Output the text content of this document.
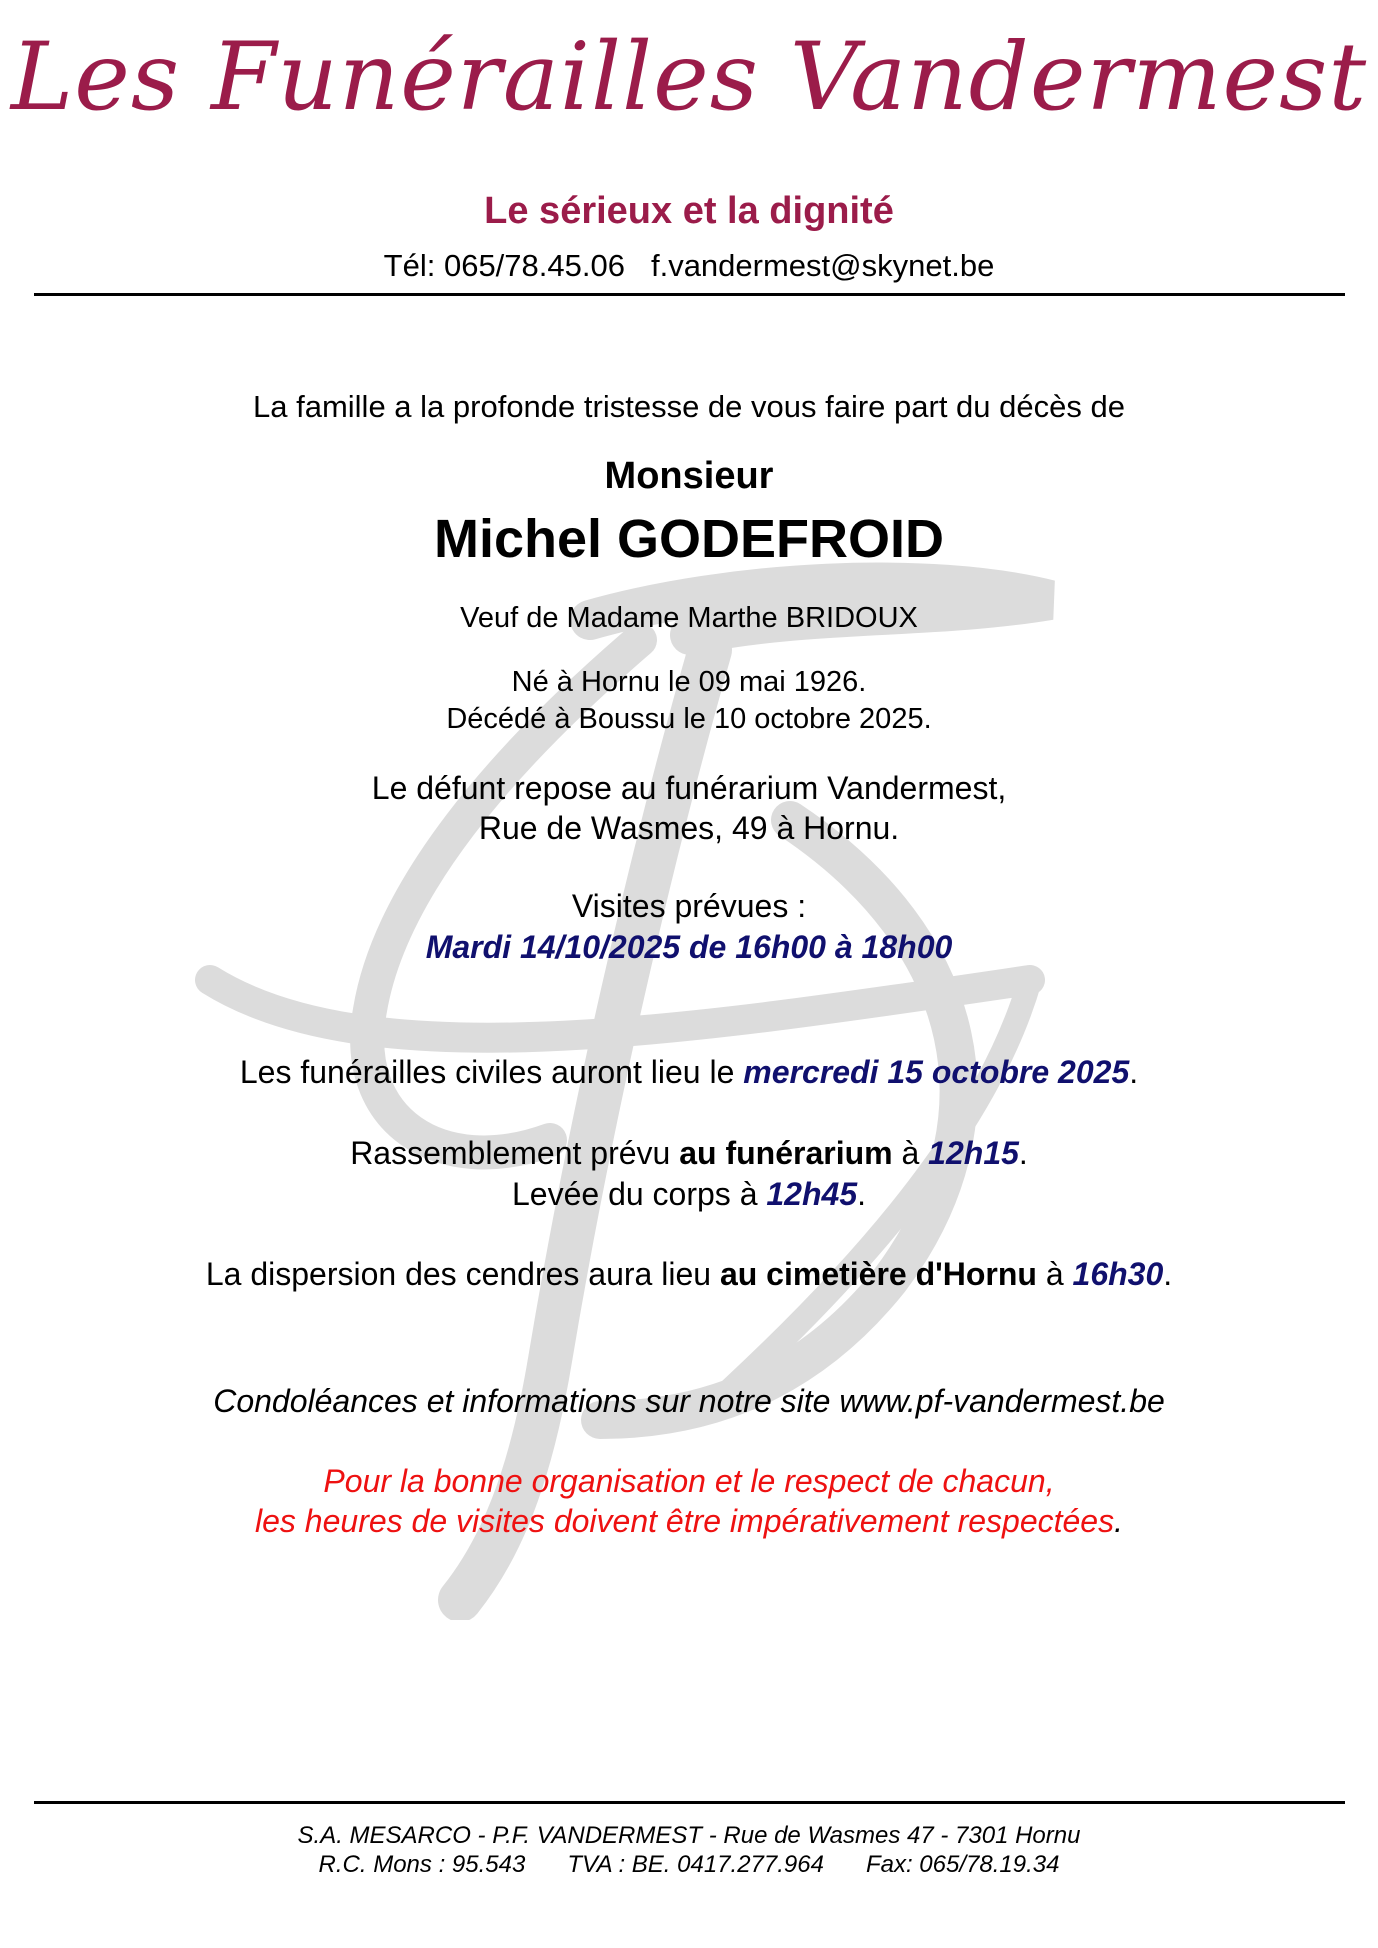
Les Funérailles Vandermest
Le sérieux et la dignité
Tél: 065/78.45.06 f.vandermest@skynet.be
La famille a la profonde tristesse de vous faire part du décès de
Monsieur
Michel GODEFROID
Veuf de Madame Marthe BRIDOUX
Né à Hornu le 09 mai 1926.
Décédé à Boussu le 10 octobre 2025.
Le défunt repose au funérarium Vandermest,
Rue de Wasmes, 49 à Hornu.
Visites prévues :
Mardi 14/10/2025 de 16h00 à 18h00
Les funérailles civiles auront lieu le mercredi 15 octobre 2025.
Rassemblement prévu au funérarium à 12h15.
Levée du corps à 12h45.
La dispersion des cendres aura lieu au cimetière d'Hornu à 16h30.
Condoléances et informations sur notre site www.pf-vandermest.be
Pour la bonne organisation et le respect de chacun,
les heures de visites doivent être impérativement respectées.
S.A. MESARCO - P.F. VANDERMEST - Rue de Wasmes 47 - 7301 Hornu
R.C. Mons : 95.543 TVA : BE. 0417.277.964 Fax: 065/78.19.34
